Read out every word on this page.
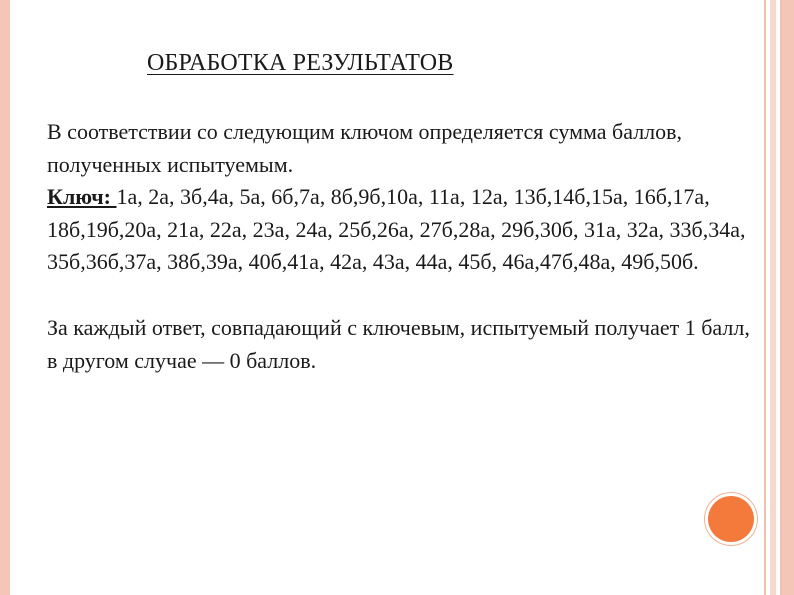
ОБРАБОТКА РЕЗУЛЬТАТОВ

В соответствии со следующим ключом определяется сумма баллов, полученных испытуемым.

Ключ: 1а, 2а, 3б,4а, 5а, 6б,7а, 8б,9б,10а, 11а, 12а, 13б,14б,15а, 16б,17а, 18б,19б,20а, 21а, 22а, 23а, 24а, 25б,26а, 27б,28а, 29б,30б, 31а, 32а, 33б,34а, 35б,36б,37а, 38б,39а, 40б,41а, 42а, 43а, 44а, 45б, 46а,47б,48а, 49б,50б.

За каждый ответ, совпадающий с ключевым, испытуемый получает 1 балл, в другом случае — 0 баллов.
